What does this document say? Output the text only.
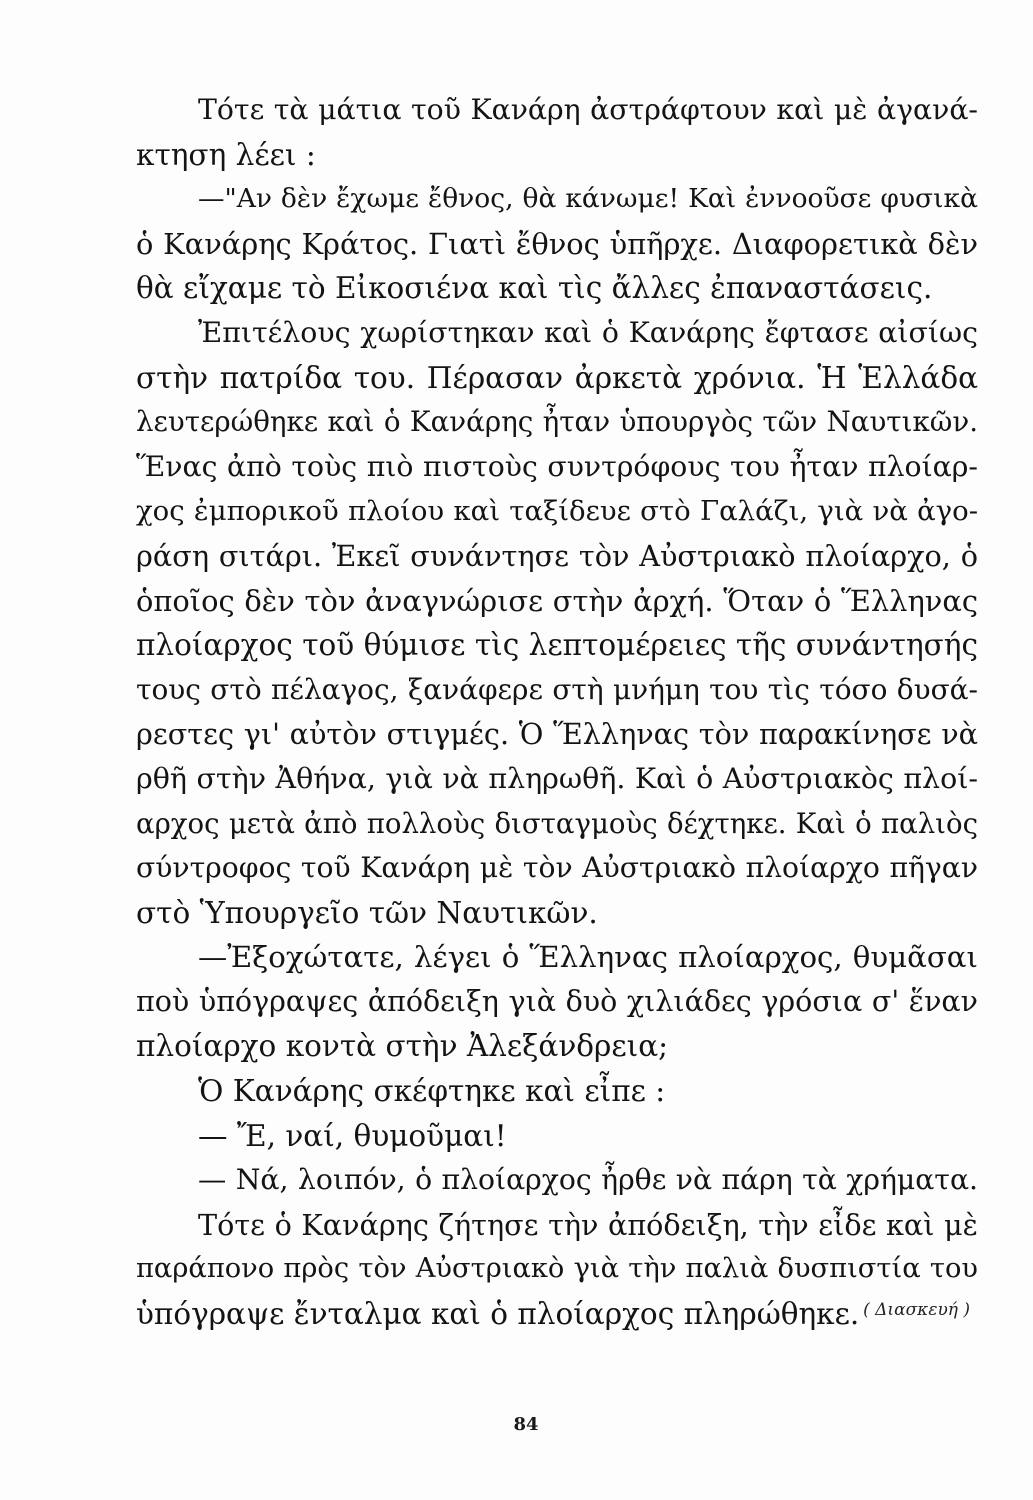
Τότε τὰ μάτια τοῦ Κανάρη ἀστράφτουν καὶ μὲ ἀγανά-
κτηση λέει :
—"Αν δὲν ἔχωμε ἔθνος, θὰ κάνωμε! Καὶ ἐννοοῦσε φυσικὰ
ὁ Κανάρης Κράτος. Γιατὶ ἔθνος ὑπῆρχε. Διαφορετικὰ δὲν
θὰ εἴχαμε τὸ Εἰκοσιένα καὶ τὶς ἄλλες ἐπαναστάσεις.
Ἐπιτέλους χωρίστηκαν καὶ ὁ Κανάρης ἔφτασε αἰσίως
στὴν πατρίδα του. Πέρασαν ἀρκετὰ χρόνια. Ἡ Ἑλλάδα
λευτερώθηκε καὶ ὁ Κανάρης ἦταν ὑπουργὸς τῶν Ναυτικῶν.
Ἕνας ἀπὸ τοὺς πιὸ πιστοὺς συντρόφους του ἦταν πλοίαρ-
χος ἐμπορικοῦ πλοίου καὶ ταξίδευε στὸ Γαλάζι, γιὰ νὰ ἀγο-
ράση σιτάρι. Ἐκεῖ συνάντησε τὸν Αὐστριακὸ πλοίαρχο, ὁ
ὁποῖος δὲν τὸν ἀναγνώρισε στὴν ἀρχή. Ὅταν ὁ Ἕλληνας
πλοίαρχος τοῦ θύμισε τὶς λεπτομέρειες τῆς συνάντησής
τους στὸ πέλαγος, ξανάφερε στὴ μνήμη του τὶς τόσο δυσά-
ρεστες γι' αὐτὸν στιγμές. Ὁ Ἕλληνας τὸν παρακίνησε νὰ
ρθῆ στὴν Ἀθήνα, γιὰ νὰ πληρωθῆ. Καὶ ὁ Αὐστριακὸς πλοί-
αρχος μετὰ ἀπὸ πολλοὺς δισταγμοὺς δέχτηκε. Καὶ ὁ παλιὸς
σύντροφος τοῦ Κανάρη μὲ τὸν Αὐστριακὸ πλοίαρχο πῆγαν
στὸ Ὑπουργεῖο τῶν Ναυτικῶν.
—Ἐξοχώτατε, λέγει ὁ Ἕλληνας πλοίαρχος, θυμᾶσαι
ποὺ ὑπόγραψες ἀπόδειξη γιὰ δυὸ χιλιάδες γρόσια σ' ἕναν
πλοίαρχο κοντὰ στὴν Ἀλεξάνδρεια;
Ὁ Κανάρης σκέφτηκε καὶ εἶπε :
— Ἔ, ναί, θυμοῦμαι!
— Νά, λοιπόν, ὁ πλοίαρχος ἦρθε νὰ πάρη τὰ χρήματα.
Τότε ὁ Κανάρης ζήτησε τὴν ἀπόδειξη, τὴν εἶδε καὶ μὲ
παράπονο πρὸς τὸν Αὐστριακὸ γιὰ τὴν παλιὰ δυσπιστία του
ὑπόγραψε ἔνταλμα καὶ ὁ πλοίαρχος πληρώθηκε. ( Διασκευή )
84
